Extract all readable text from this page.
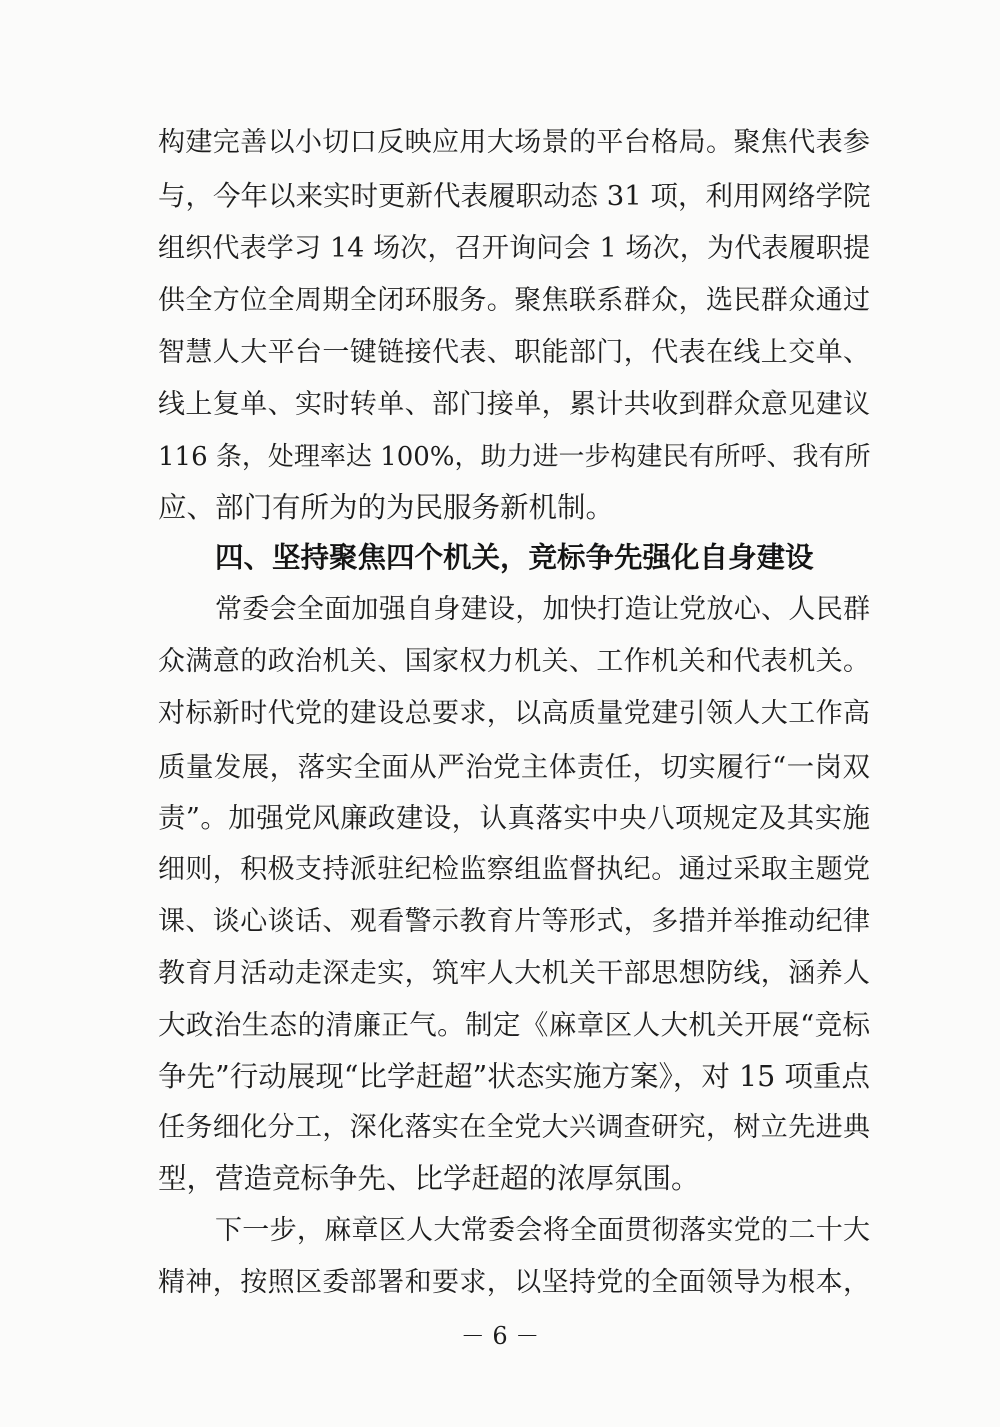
构建完善以小切口反映应用大场景的平台格局。聚焦代表参
与，今年以来实时更新代表履职动态 31 项，利用网络学院
组织代表学习 14 场次，召开询问会 1 场次，为代表履职提
供全方位全周期全闭环服务。聚焦联系群众，选民群众通过
智慧人大平台一键链接代表、职能部门，代表在线上交单、
线上复单、实时转单、部门接单，累计共收到群众意见建议
116 条，处理率达 100%，助力进一步构建民有所呼、我有所
应、部门有所为的为民服务新机制。
四、坚持聚焦四个机关，竞标争先强化自身建设
常委会全面加强自身建设，加快打造让党放心、人民群
众满意的政治机关、国家权力机关、工作机关和代表机关。
对标新时代党的建设总要求，以高质量党建引领人大工作高
质量发展，落实全面从严治党主体责任，切实履行“一岗双
责”。加强党风廉政建设，认真落实中央八项规定及其实施
细则，积极支持派驻纪检监察组监督执纪。通过采取主题党
课、谈心谈话、观看警示教育片等形式，多措并举推动纪律
教育月活动走深走实，筑牢人大机关干部思想防线，涵养人
大政治生态的清廉正气。制定《麻章区人大机关开展“竞标
争先”行动展现“比学赶超”状态实施方案》，对 15 项重点
任务细化分工，深化落实在全党大兴调查研究，树立先进典
型，营造竞标争先、比学赶超的浓厚氛围。
下一步，麻章区人大常委会将全面贯彻落实党的二十大
精神，按照区委部署和要求，以坚持党的全面领导为根本，
－ 6 －
